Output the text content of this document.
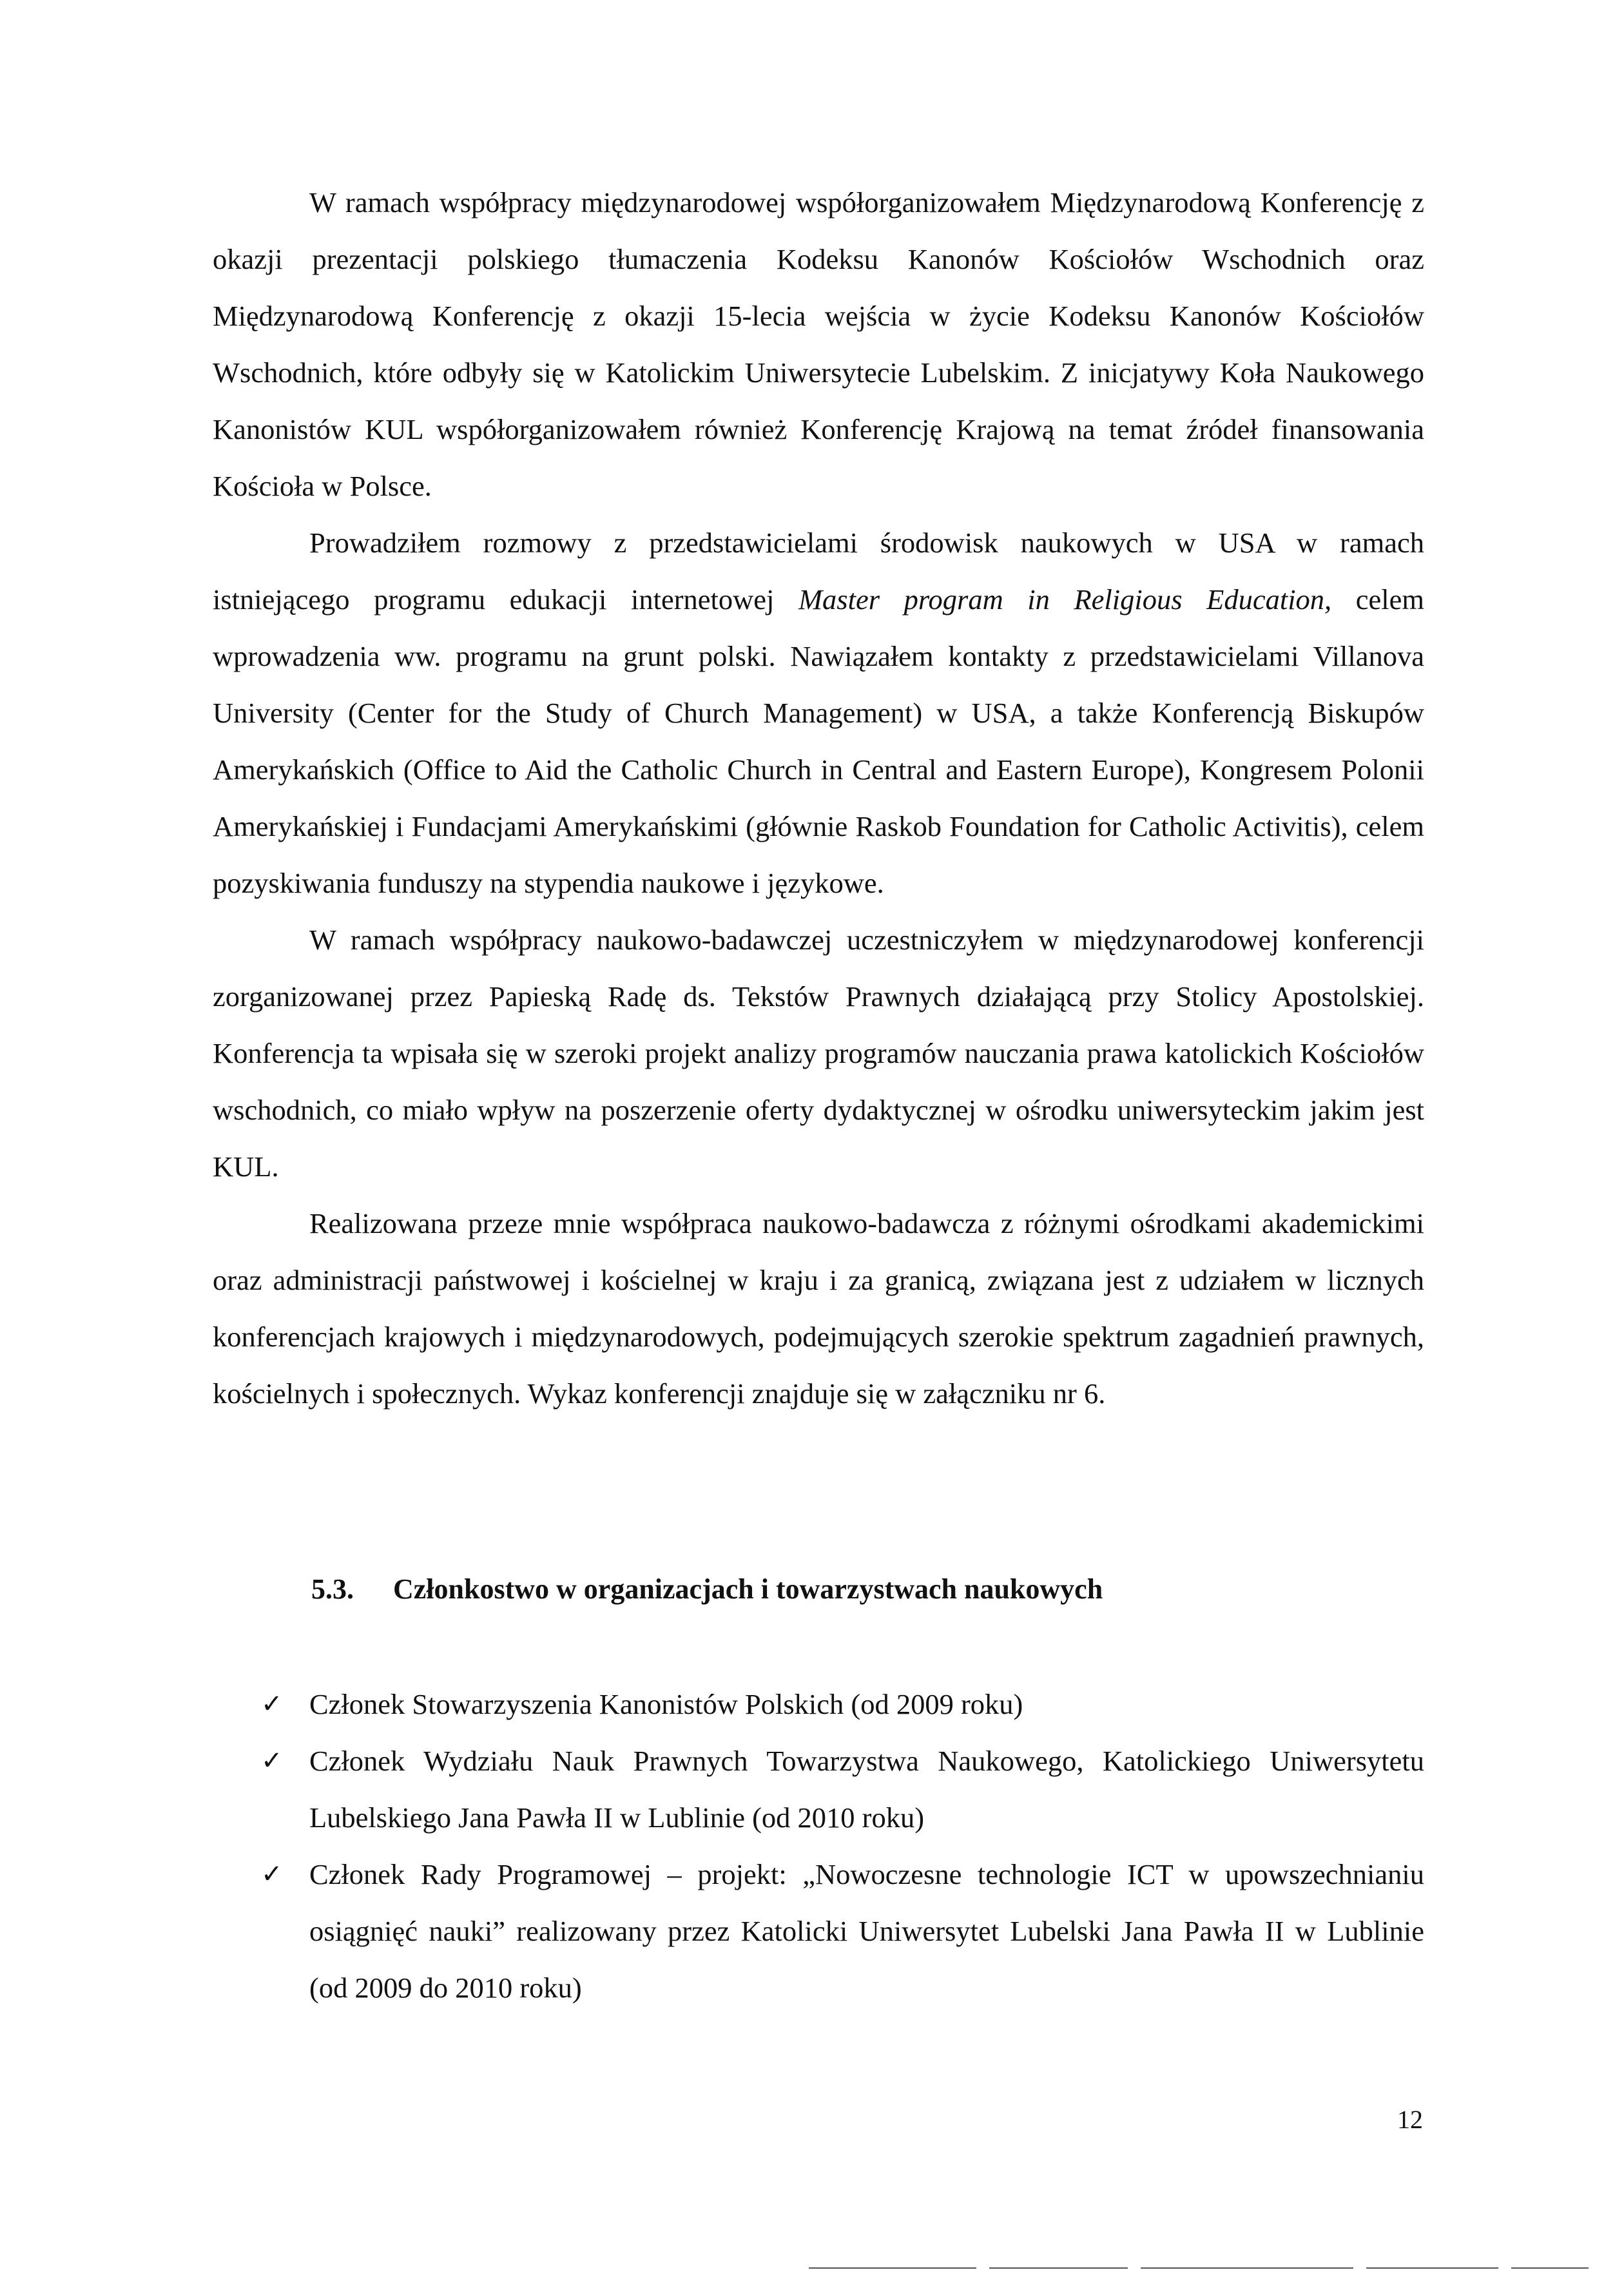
W ramach współpracy międzynarodowej współorganizowałem Międzynarodową Konferencję z okazji prezentacji polskiego tłumaczenia Kodeksu Kanonów Kościołów Wschodnich oraz Międzynarodową Konferencję z okazji 15-lecia wejścia w życie Kodeksu Kanonów Kościołów Wschodnich, które odbyły się w Katolickim Uniwersytecie Lubelskim. Z inicjatywy Koła Naukowego Kanonistów KUL współorganizowałem również Konferencję Krajową na temat źródeł finansowania Kościoła w Polsce.

Prowadziłem rozmowy z przedstawicielami środowisk naukowych w USA w ramach istniejącego programu edukacji internetowej Master program in Religious Education, celem wprowadzenia ww. programu na grunt polski. Nawiązałem kontakty z przedstawicielami Villanova University (Center for the Study of Church Management) w USA, a także Konferencją Biskupów Amerykańskich (Office to Aid the Catholic Church in Central and Eastern Europe), Kongresem Polonii Amerykańskiej i Fundacjami Amerykańskimi (głównie Raskob Foundation for Catholic Activitis), celem pozyskiwania funduszy na stypendia naukowe i językowe.

W ramach współpracy naukowo-badawczej uczestniczyłem w międzynarodowej konferencji zorganizowanej przez Papieską Radę ds. Tekstów Prawnych działającą przy Stolicy Apostolskiej. Konferencja ta wpisała się w szeroki projekt analizy programów nauczania prawa katolickich Kościołów wschodnich, co miało wpływ na poszerzenie oferty dydaktycznej w ośrodku uniwersyteckim jakim jest KUL.

Realizowana przeze mnie współpraca naukowo-badawcza z różnymi ośrodkami akademickimi oraz administracji państwowej i kościelnej w kraju i za granicą, związana jest z udziałem w licznych konferencjach krajowych i międzynarodowych, podejmujących szerokie spektrum zagadnień prawnych, kościelnych i społecznych. Wykaz konferencji znajduje się w załączniku nr 6.

5.3. Członkostwo w organizacjach i towarzystwach naukowych
✓ Członek Stowarzyszenia Kanonistów Polskich (od 2009 roku)
✓ Członek Wydziału Nauk Prawnych Towarzystwa Naukowego, Katolickiego Uniwersytetu Lubelskiego Jana Pawła II w Lublinie (od 2010 roku)
✓ Członek Rady Programowej – projekt: „Nowoczesne technologie ICT w upowszechnianiu osiągnięć nauki” realizowany przez Katolicki Uniwersytet Lubelski Jana Pawła II w Lublinie (od 2009 do 2010 roku)
12
